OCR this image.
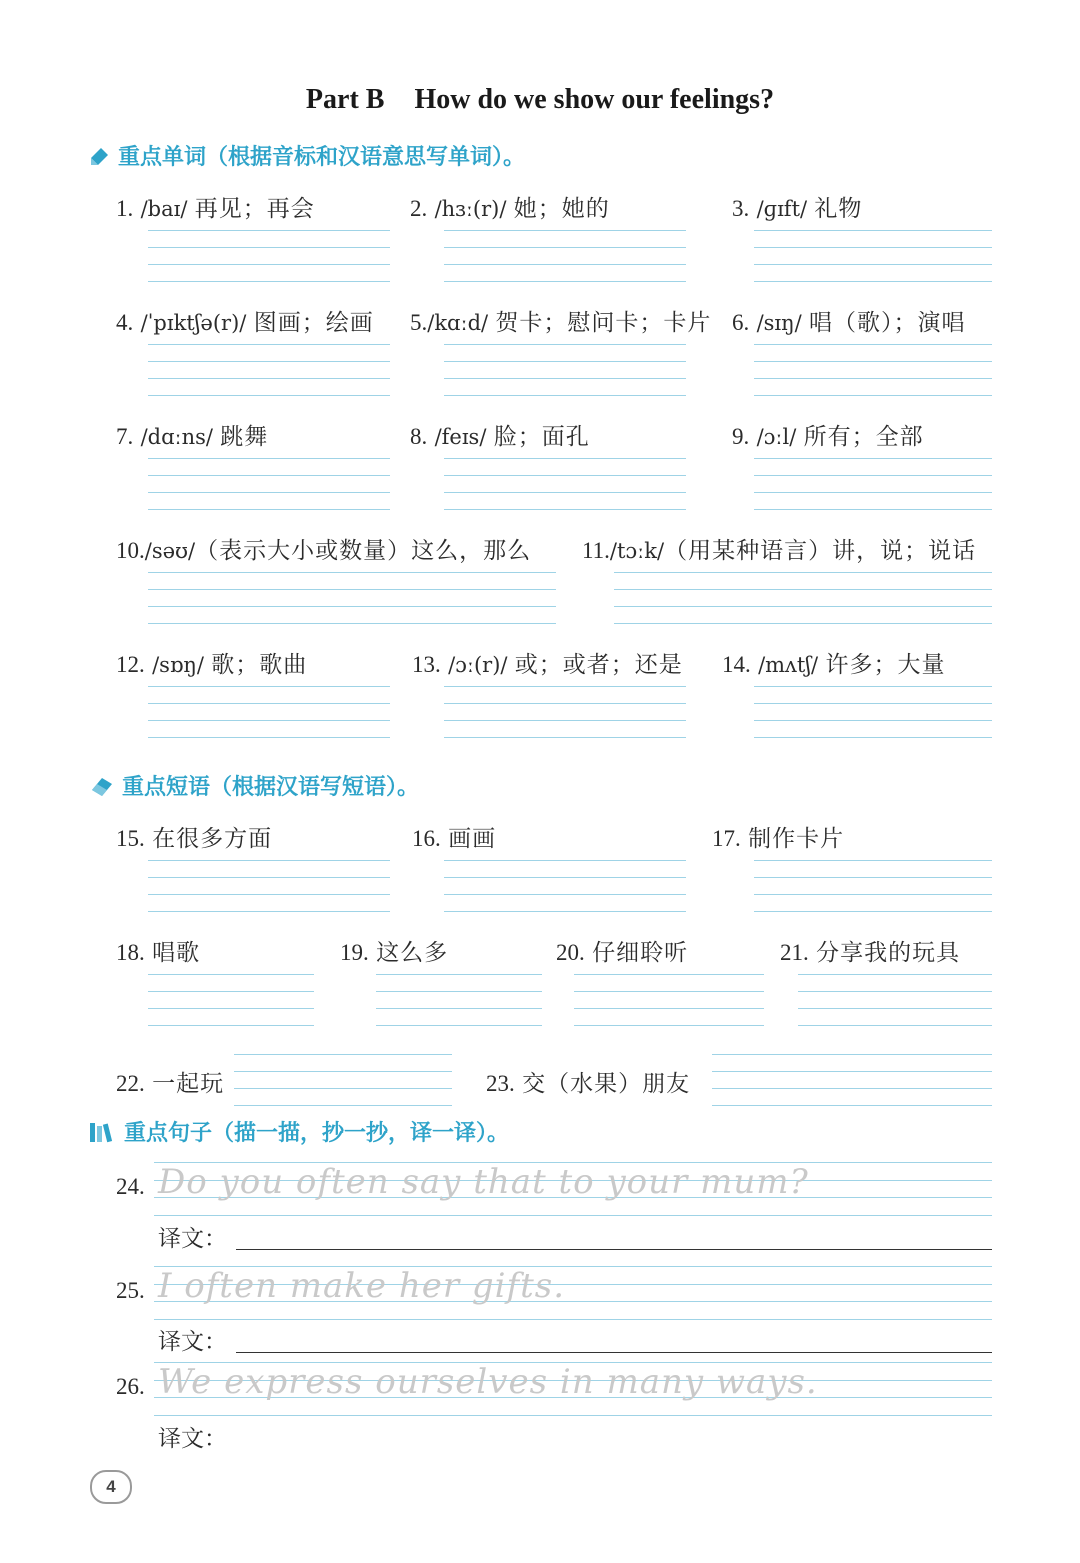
Part B How do we show our feelings?
重点单词（根据音标和汉语意思写单词）。
1. /baɪ/ 再见；再会	2. /hɜː(r)/ 她；她的	3. /ɡɪft/ 礼物
4. /ˈpɪktʃə(r)/ 图画；绘画 5./kɑːd/ 贺卡；慰问卡；卡片 6. /sɪŋ/ 唱（歌）；演唱
7. /dɑːns/ 跳舞	8. /feɪs/ 脸；面孔	9. /ɔːl/ 所有；全部
10./səʊ/（表示大小或数量）这么，那么 11./tɔːk/（用某种语言）讲，说；说话
12. /sɒŋ/ 歌；歌曲	13. /ɔː(r)/ 或；或者；还是 14. /mʌtʃ/ 许多；大量
重点短语（根据汉语写短语）。
15. 在很多方面	16. 画画	17. 制作卡片
18. 唱歌	19. 这么多	20. 仔细聆听	21. 分享我的玩具
22. 一起玩	23. 交（水果）朋友
重点句子（描一描，抄一抄，译一译）。
24. Do you often say that to your mum?
译文：
25. I often make her gifts.
译文：
26. We express ourselves in many ways.
译文：
4
